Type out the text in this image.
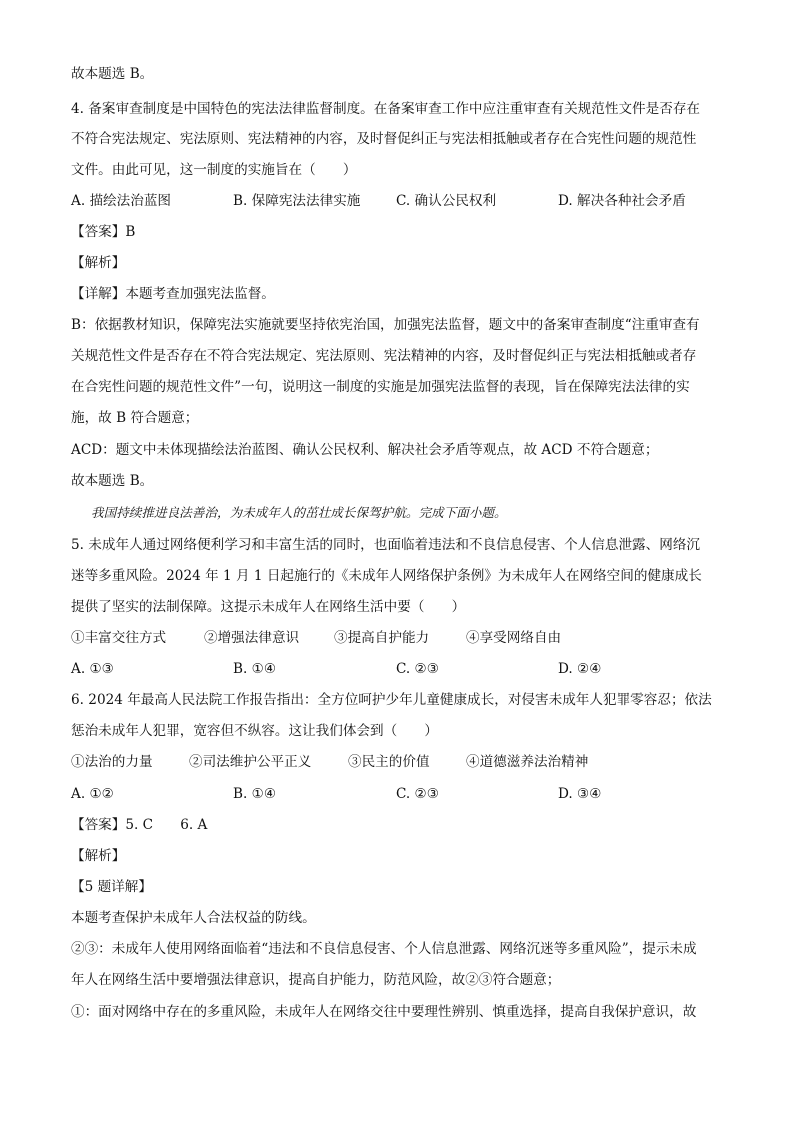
故本题选 B。
4. 备案审查制度是中国特色的宪法法律监督制度。在备案审查工作中应注重审查有关规范性文件是否存在
不符合宪法规定、宪法原则、宪法精神的内容，及时督促纠正与宪法相抵触或者存在合宪性问题的规范性
文件。由此可见，这一制度的实施旨在（　　）
A. 描绘法治蓝图	B. 保障宪法法律实施	C. 确认公民权利	D. 解决各种社会矛盾
【答案】B
【解析】
【详解】本题考查加强宪法监督。
B：依据教材知识，保障宪法实施就要坚持依宪治国，加强宪法监督，题文中的备案审查制度“注重审查有
关规范性文件是否存在不符合宪法规定、宪法原则、宪法精神的内容，及时督促纠正与宪法相抵触或者存
在合宪性问题的规范性文件”一句，说明这一制度的实施是加强宪法监督的表现，旨在保障宪法法律的实
施，故 B 符合题意；
ACD：题文中未体现描绘法治蓝图、确认公民权利、解决社会矛盾等观点，故 ACD 不符合题意；
故本题选 B。
我国持续推进良法善治，为未成年人的茁壮成长保驾护航。完成下面小题。
5. 未成年人通过网络便利学习和丰富生活的同时，也面临着违法和不良信息侵害、个人信息泄露、网络沉
迷等多重风险。2024 年 1 月 1 日起施行的《未成年人网络保护条例》为未成年人在网络空间的健康成长
提供了坚实的法制保障。这提示未成年人在网络生活中要（　　）
①丰富交往方式	②增强法律意识	③提高自护能力	④享受网络自由
A. ①③	B. ①④	C. ②③	D. ②④
6. 2024 年最高人民法院工作报告指出：全方位呵护少年儿童健康成长，对侵害未成年人犯罪零容忍；依法
惩治未成年人犯罪，宽容但不纵容。这让我们体会到（　　）
①法治的力量	②司法维护公平正义	③民主的价值	④道德滋养法治精神
A. ①②	B. ①④	C. ②③	D. ③④
【答案】5. C　　6. A
【解析】
【5 题详解】
本题考查保护未成年人合法权益的防线。
②③：未成年人使用网络面临着“违法和不良信息侵害、个人信息泄露、网络沉迷等多重风险”，提示未成
年人在网络生活中要增强法律意识，提高自护能力，防范风险，故②③符合题意；
①：面对网络中存在的多重风险，未成年人在网络交往中要理性辨别、慎重选择，提高自我保护意识，故
